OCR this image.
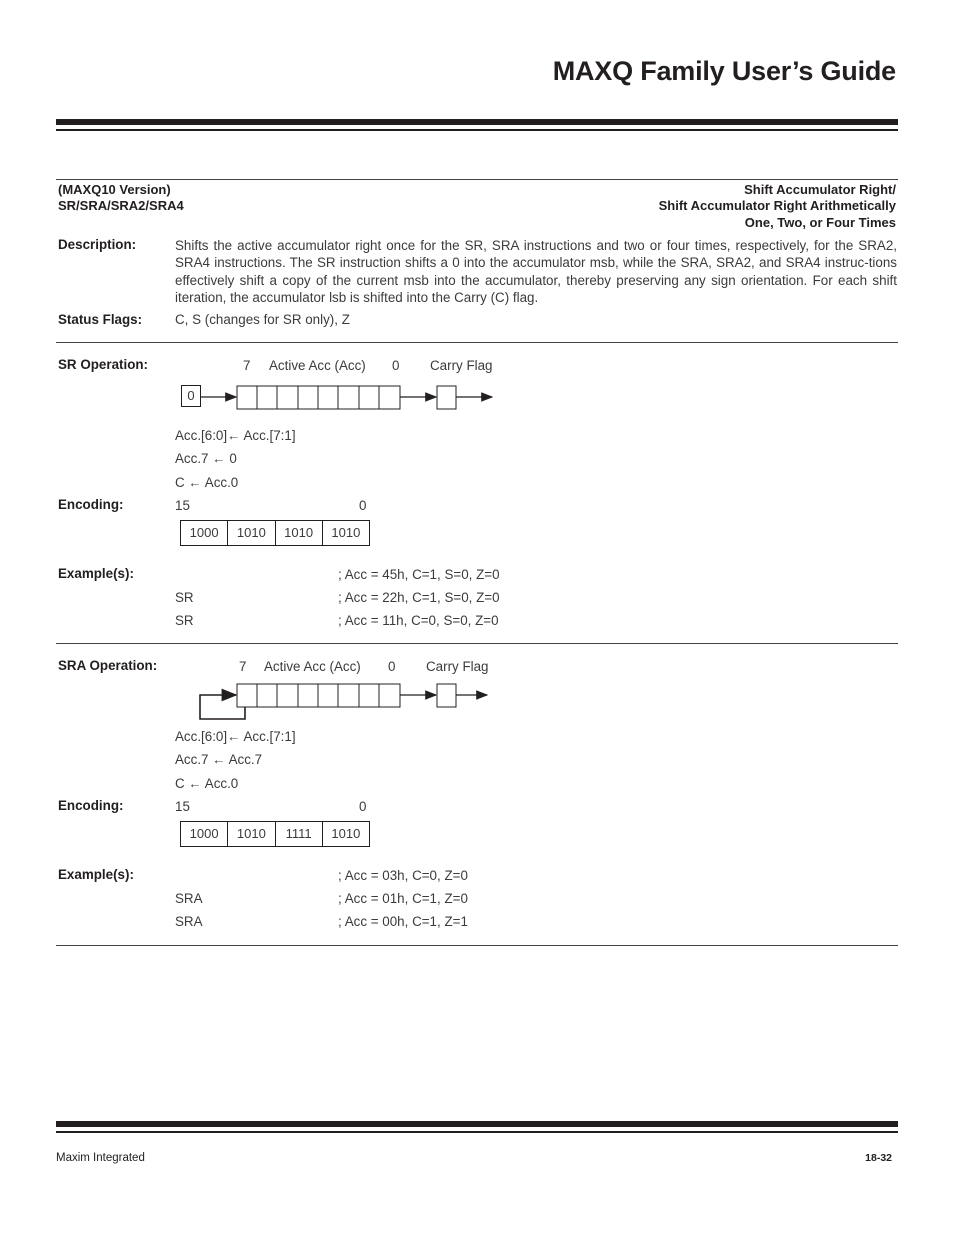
MAXQ Family User’s Guide
(MAXQ10 Version)
SR/SRA/SRA2/SRA4
Shift Accumulator Right/
Shift Accumulator Right Arithmetically
One, Two, or Four Times
Description:	Shifts the active accumulator right once for the SR, SRA instructions and two or four times, respectively, for the SRA2, SRA4 instructions. The SR instruction shifts a 0 into the accumulator msb, while the SRA, SRA2, and SRA4 instruc-tions effectively shift a copy of the current msb into the accumulator, thereby preserving any sign orientation. For each shift iteration, the accumulator lsb is shifted into the Carry (C) flag.
Status Flags: C, S (changes for SR only), Z
SR Operation:	7 Active Acc (Acc) 0 Carry Flag
0
Acc.[6:0]← Acc.[7:1]
Acc.7 ← 0
C ← Acc.0
Encoding:	15	0
1000	1010	1010	1010
Example(s):	; Acc = 45h, C=1, S=0, Z=0
SR	; Acc = 22h, C=1, S=0, Z=0
SR	; Acc = 11h, C=0, S=0, Z=0
SRA Operation:	7 Active Acc (Acc) 0 Carry Flag
Acc.[6:0]← Acc.[7:1]
Acc.7 ← Acc.7
C ← Acc.0
Encoding:	15	0
1000	1010	1111	1010
Example(s):	; Acc = 03h, C=0, Z=0
SRA	; Acc = 01h, C=1, Z=0
SRA	; Acc = 00h, C=1, Z=1
Maxim Integrated	18-32
